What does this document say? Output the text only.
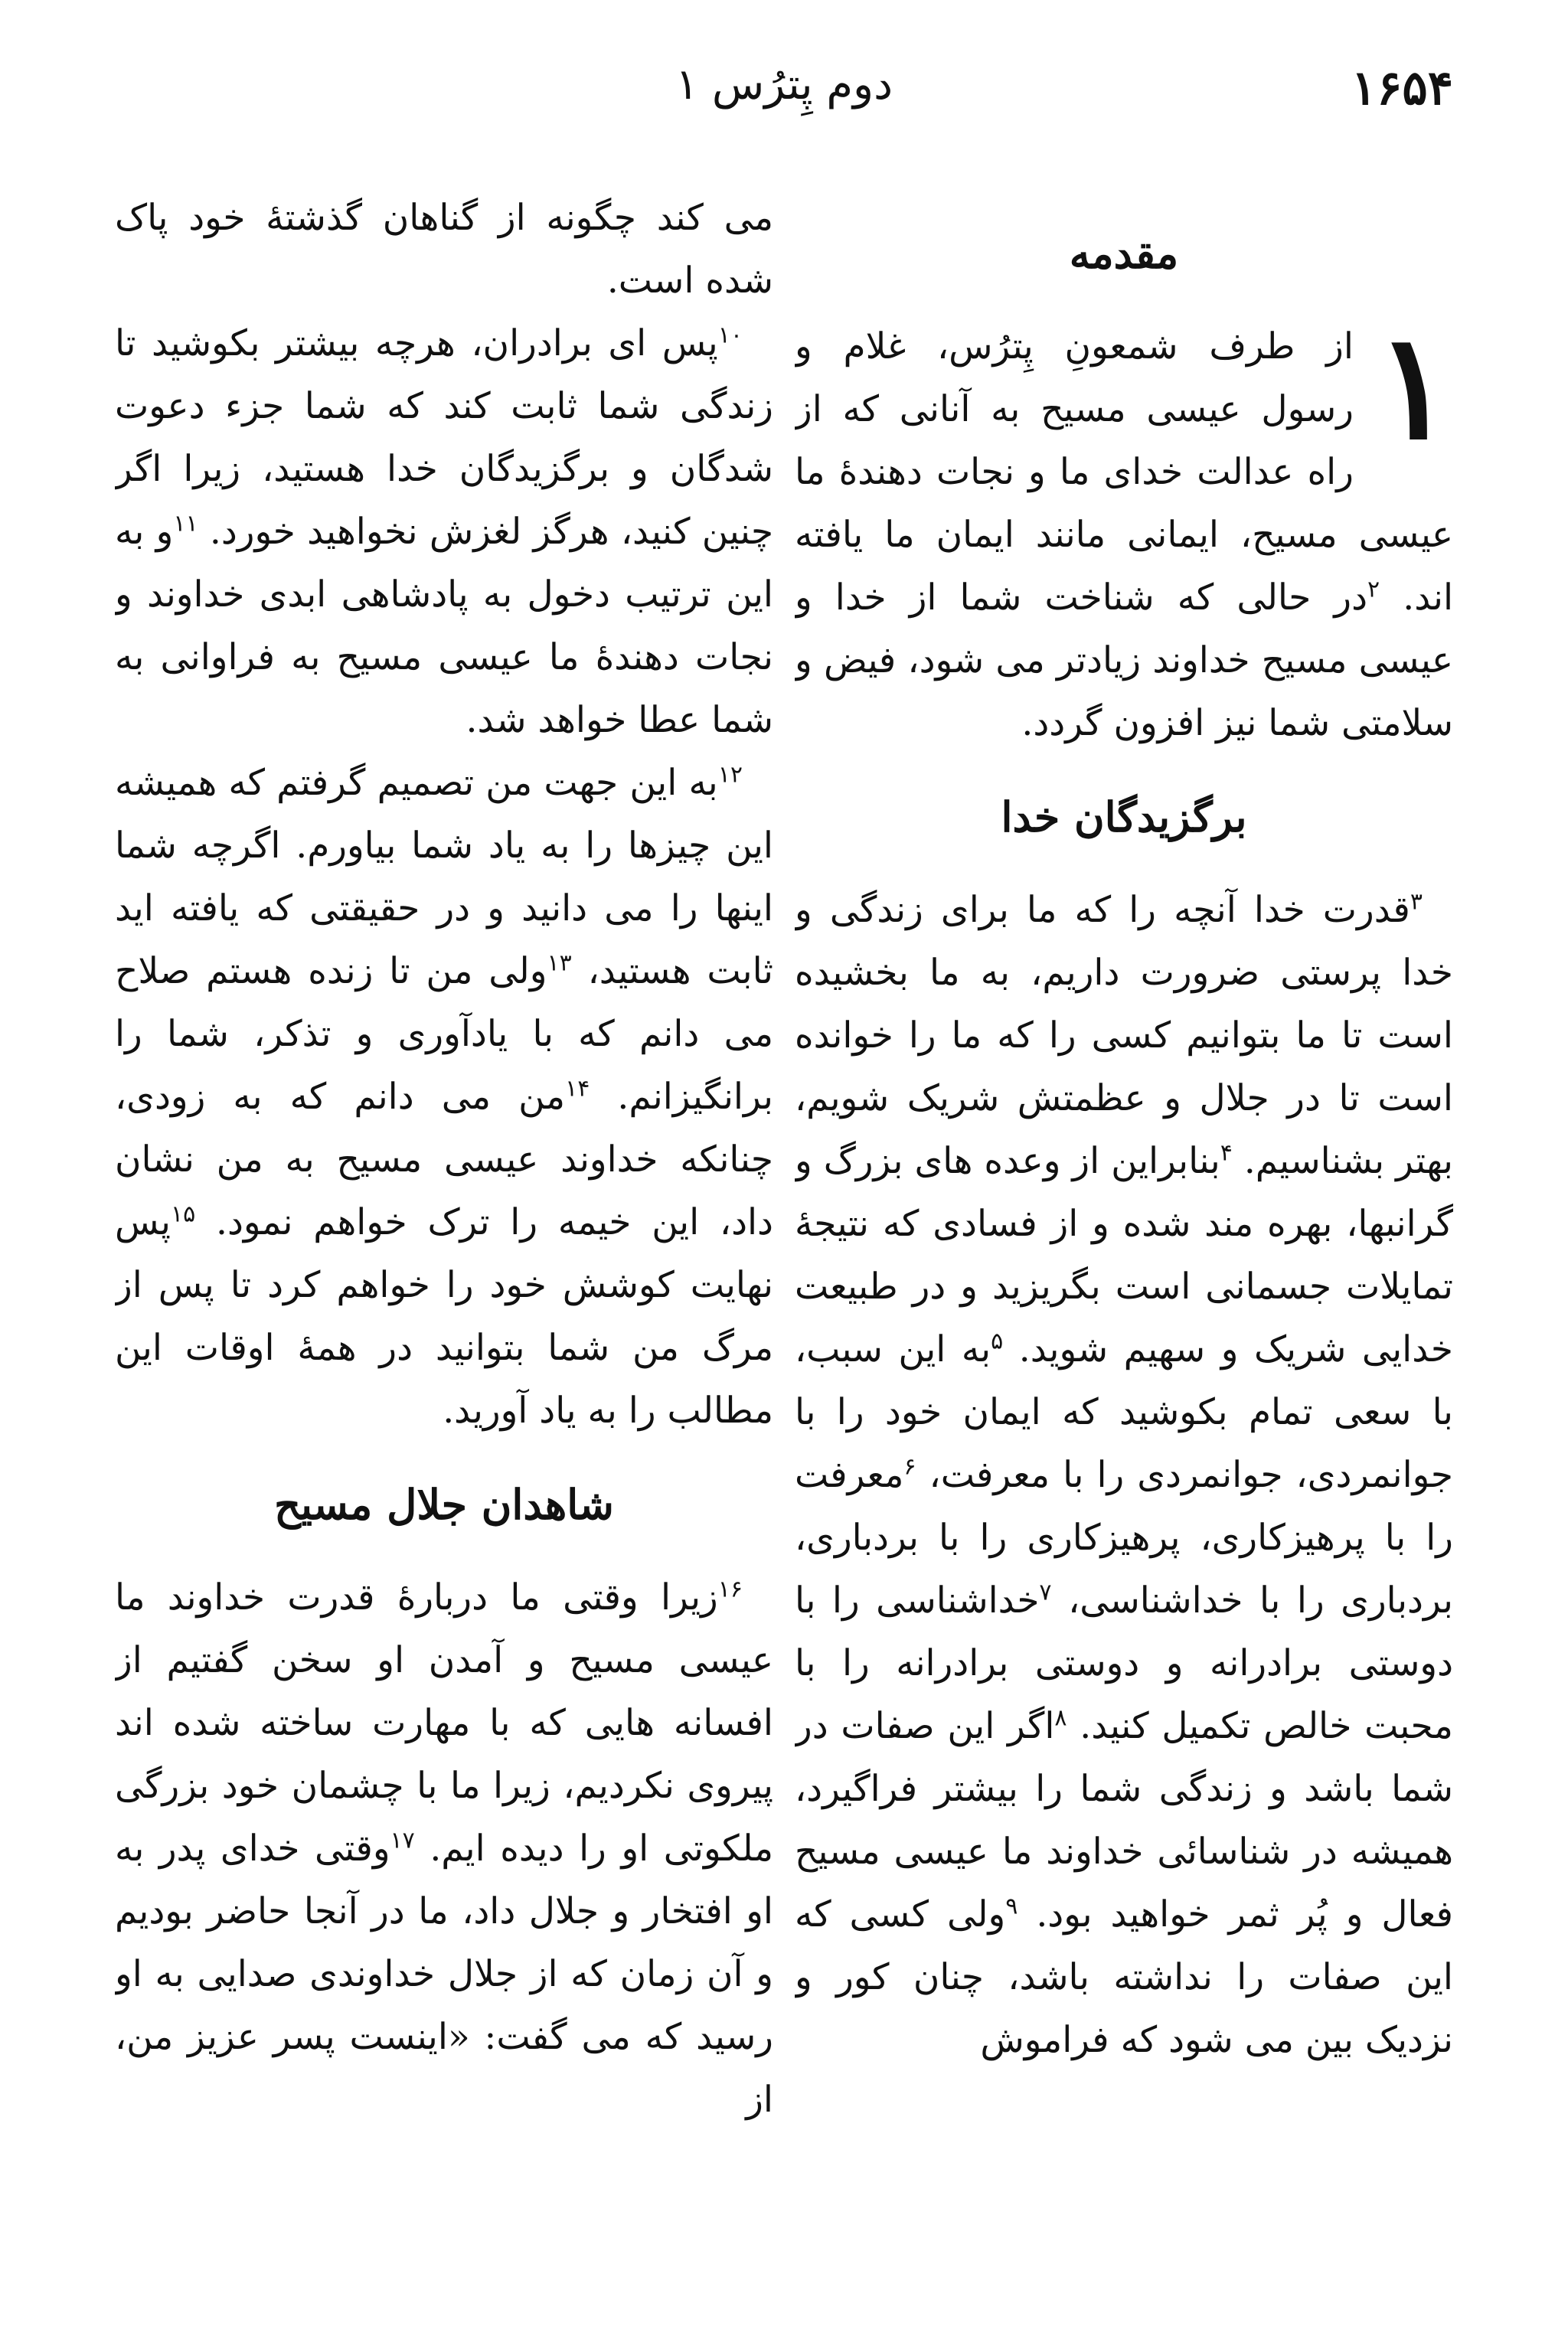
۱۶۵۴
دوم پِترُس ۱
مقدمه

۱
از طرف شمعونِ پِترُس، غلام و رسول عیسی مسیح به آنانی که از راه عدالت خدای ما و نجات دهندهٔ ما عیسی مسیح، ایمانی مانند ایمان ما یافته اند. $^۲$در حالی که شناخت شما از خدا و عیسی مسیح خداوند زیادتر می شود، فیض و سلامتی شما نیز افزون گردد.

برگزیدگان خدا

$^۳$قدرت خدا آنچه را که ما برای زندگی و خدا پرستی ضرورت داریم، به ما بخشیده است تا ما بتوانیم کسی را که ما را خوانده است تا در جلال و عظمتش شریک شویم، بهتر بشناسیم. $^۴$بنابراین از وعده های بزرگ و گرانبها، بهره مند شده و از فسادی که نتیجهٔ تمایلات جسمانی است بگریزید و در طبیعت خدایی شریک و سهیم شوید. $^۵$به این سبب، با سعی تمام بکوشید که ایمان خود را با جوانمردی، جوانمردی را با معرفت، $^۶$معرفت را با پرهیزکاری، پرهیزکاری را با بردباری، بردباری را با خداشناسی، $^۷$خداشناسی را با دوستی برادرانه و دوستی برادرانه را با محبت خالص تکمیل کنید. $^۸$اگر این صفات در شما باشد و زندگی شما را بیشتر فراگیرد، همیشه در شناسائی خداوند ما عیسی مسیح فعال و پُر ثمر خواهید بود. $^۹$ولی کسی که این صفات را نداشته باشد، چنان کور و نزدیک بین می شود که فراموش

می کند چگونه از گناهان گذشتهٔ خود پاک شده است.

$^{۱۰}$پس ای برادران، هرچه بیشتر بکوشید تا زندگی شما ثابت کند که شما جزء دعوت شدگان و برگزیدگان خدا هستید، زیرا اگر چنین کنید، هرگز لغزش نخواهید خورد. $^{۱۱}$و به این ترتیب دخول به پادشاهی ابدی خداوند و نجات دهندهٔ ما عیسی مسیح به فراوانی به شما عطا خواهد شد.

$^{۱۲}$به این جهت من تصمیم گرفتم که همیشه این چیزها را به یاد شما بیاورم. اگرچه شما اینها را می دانید و در حقیقتی که یافته اید ثابت هستید، $^{۱۳}$ولی من تا زنده هستم صلاح می دانم که با یادآوری و تذکر، شما را برانگیزانم. $^{۱۴}$من می دانم که به زودی، چنانکه خداوند عیسی مسیح به من نشان داد، این خیمه را ترک خواهم نمود. $^{۱۵}$پس نهایت کوشش خود را خواهم کرد تا پس از مرگ من شما بتوانید در همهٔ اوقات این مطالب را به یاد آورید.

شاهدان جلال مسیح

$^{۱۶}$زیرا وقتی ما دربارهٔ قدرت خداوند ما عیسی مسیح و آمدن او سخن گفتیم از افسانه هایی که با مهارت ساخته شده اند پیروی نکردیم، زیرا ما با چشمان خود بزرگی ملکوتی او را دیده ایم. $^{۱۷}$وقتی خدای پدر به او افتخار و جلال داد، ما در آنجا حاضر بودیم و آن زمان که از جلال خداوندی صدایی به او رسید که می گفت: «اینست پسر عزیز من، از
